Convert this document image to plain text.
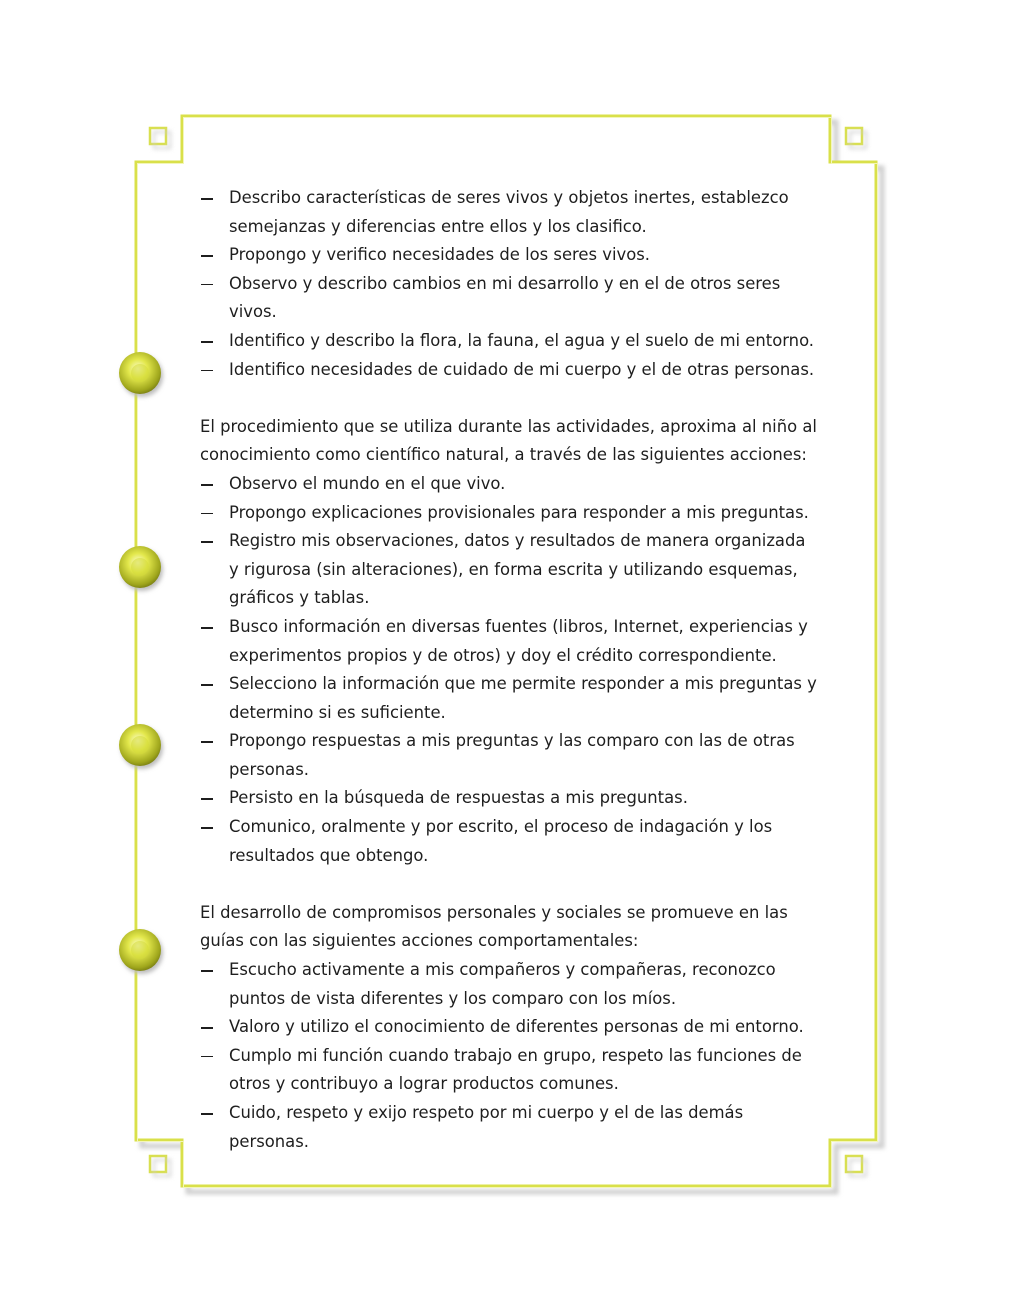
Describo características de seres vivos y objetos inertes, establezco semejanzas y diferencias entre ellos y los clasifico.
Propongo y verifico necesidades de los seres vivos.
Observo y describo cambios en mi desarrollo y en el de otros seres vivos.
Identifico y describo la flora, la fauna, el agua y el suelo de mi entorno.
Identifico necesidades de cuidado de mi cuerpo y el de otras personas.

El procedimiento que se utiliza durante las actividades, aproxima al niño al conocimiento como científico natural, a través de las siguientes acciones:

Observo el mundo en el que vivo.
Propongo explicaciones provisionales para responder a mis preguntas.
Registro mis observaciones, datos y resultados de manera organizada y rigurosa (sin alteraciones), en forma escrita y utilizando esquemas, gráficos y tablas.
Busco información en diversas fuentes (libros, Internet, experiencias y experimentos propios y de otros) y doy el crédito correspondiente.
Selecciono la información que me permite responder a mis preguntas y determino si es suficiente.
Propongo respuestas a mis preguntas y las comparo con las de otras personas.
Persisto en la búsqueda de respuestas a mis preguntas.
Comunico, oralmente y por escrito, el proceso de indagación y los resultados que obtengo.

El desarrollo de compromisos personales y sociales se promueve en las guías con las siguientes acciones comportamentales:

Escucho activamente a mis compañeros y compañeras, reconozco puntos de vista diferentes y los comparo con los míos.
Valoro y utilizo el conocimiento de diferentes personas de mi entorno.
Cumplo mi función cuando trabajo en grupo, respeto las funciones de otros y contribuyo a lograr productos comunes.
Cuido, respeto y exijo respeto por mi cuerpo y el de las demás personas.
